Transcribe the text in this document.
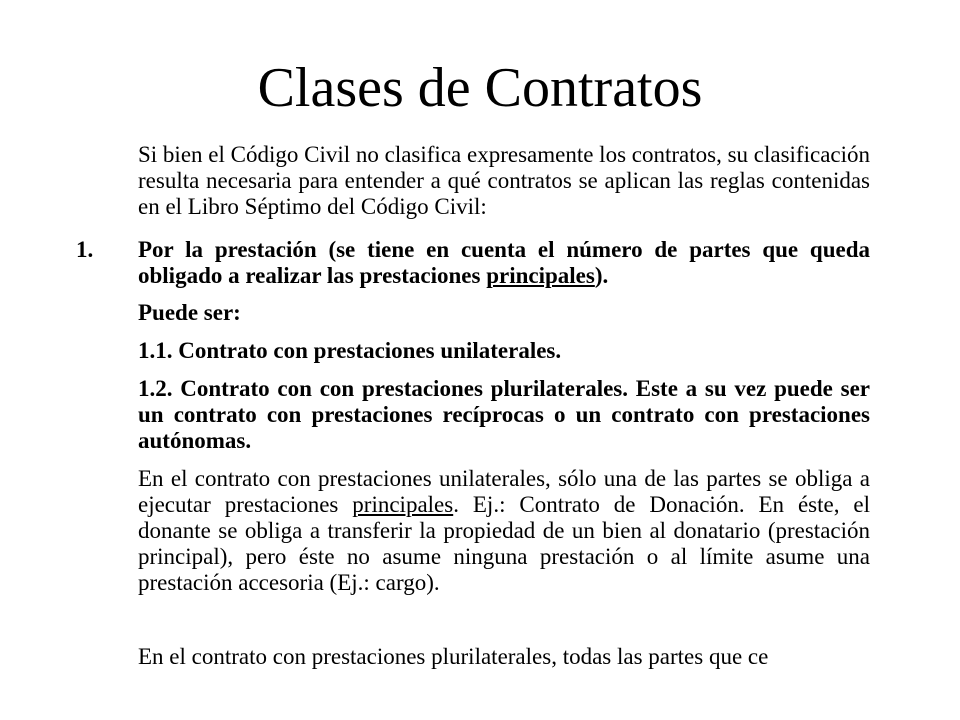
Clases de Contratos

Si bien el Código Civil no clasifica expresamente los contratos, su clasificación resulta necesaria para entender a qué contratos se aplican las reglas contenidas en el Libro Séptimo del Código Civil:

1. Por la prestación (se tiene en cuenta el número de partes que queda obligado a realizar las prestaciones principales).

Puede ser:

1.1. Contrato con prestaciones unilaterales.

1.2. Contrato con con prestaciones plurilaterales. Este a su vez puede ser un contrato con prestaciones recíprocas o un contrato con prestaciones autónomas.

En el contrato con prestaciones unilaterales, sólo una de las partes se obliga a ejecutar prestaciones principales. Ej.: Contrato de Donación. En éste, el donante se obliga a transferir la propiedad de un bien al donatario (prestación principal), pero éste no asume ninguna prestación o al límite asume una prestación accesoria (Ej.: cargo).

En el contrato con prestaciones plurilaterales, todas las partes que ce
